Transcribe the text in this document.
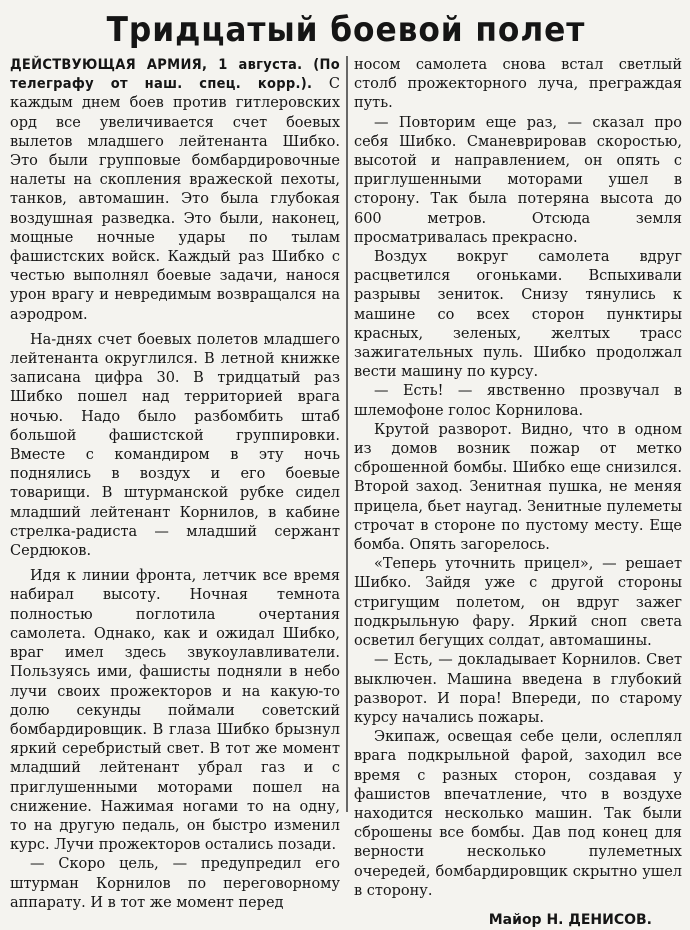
Тридцатый боевой полет

ДЕЙСТВУЮЩАЯ АРМИЯ, 1 августа. (По телеграфу от наш. спец. корр.). С каждым днем боев против гитлеровских орд все увеличивается счет боевых вылетов младшего лейтенанта Шибко. Это были групповые бомбардировочные налеты на скопления вражеской пехоты, танков, автомашин. Это была глубокая воздушная разведка. Это были, наконец, мощные ночные удары по тылам фашистских войск. Каждый раз Шибко с честью выполнял боевые задачи, нанося урон врагу и невредимым возвращался на аэродром.

На-днях счет боевых полетов младшего лейтенанта округлился. В летной книжке записана цифра 30. В тридцатый раз Шибко пошел над территорией врага ночью. Надо было разбомбить штаб большой фашистской группировки. Вместе с командиром в эту ночь поднялись в воздух и его боевые товарищи. В штурманской рубке сидел младший лейтенант Корнилов, в кабине стрелка-радиста — младший сержант Сердюков.

Идя к линии фронта, летчик все время набирал высоту. Ночная темнота полностью поглотила очертания самолета. Однако, как и ожидал Шибко, враг имел здесь звукоулавливатели. Пользуясь ими, фашисты подняли в небо лучи своих прожекторов и на какую-то долю секунды поймали советский бомбардировщик. В глаза Шибко брызнул яркий серебристый свет. В тот же момент младший лейтенант убрал газ и с приглушенными моторами пошел на снижение. Нажимая ногами то на одну, то на другую педаль, он быстро изменил курс. Лучи прожекторов остались позади.

— Скоро цель, — предупредил его штурман Корнилов по переговорному аппарату. И в тот же момент перед

носом самолета снова встал светлый столб прожекторного луча, преграждая путь.

— Повторим еще раз, — сказал про себя Шибко. Сманеврировав скоростью, высотой и направлением, он опять с приглушенными моторами ушел в сторону. Так была потеряна высота до 600 метров. Отсюда земля просматривалась прекрасно.

Воздух вокруг самолета вдруг расцветился огоньками. Вспыхивали разрывы зениток. Снизу тянулись к машине со всех сторон пунктиры красных, зеленых, желтых трасс зажигательных пуль. Шибко продолжал вести машину по курсу.

— Есть! — явственно прозвучал в шлемофоне голос Корнилова.

Крутой разворот. Видно, что в одном из домов возник пожар от метко сброшенной бомбы. Шибко еще снизился. Второй заход. Зенитная пушка, не меняя прицела, бьет наугад. Зенитные пулеметы строчат в стороне по пустому месту. Еще бомба. Опять загорелось.

«Теперь уточнить прицел», — решает Шибко. Зайдя уже с другой стороны стригущим полетом, он вдруг зажег подкрыльную фару. Яркий сноп света осветил бегущих солдат, автомашины.

— Есть, — докладывает Корнилов. Свет выключен. Машина введена в глубокий разворот. И пора! Впереди, по старому курсу начались пожары.

Экипаж, освещая себе цели, ослеплял врага подкрыльной фарой, заходил все время с разных сторон, создавая у фашистов впечатление, что в воздухе находится несколько машин. Так были сброшены все бомбы. Дав под конец для верности несколько пулеметных очередей, бомбардировщик скрытно ушел в сторону.

Майор Н. ДЕНИСОВ.
